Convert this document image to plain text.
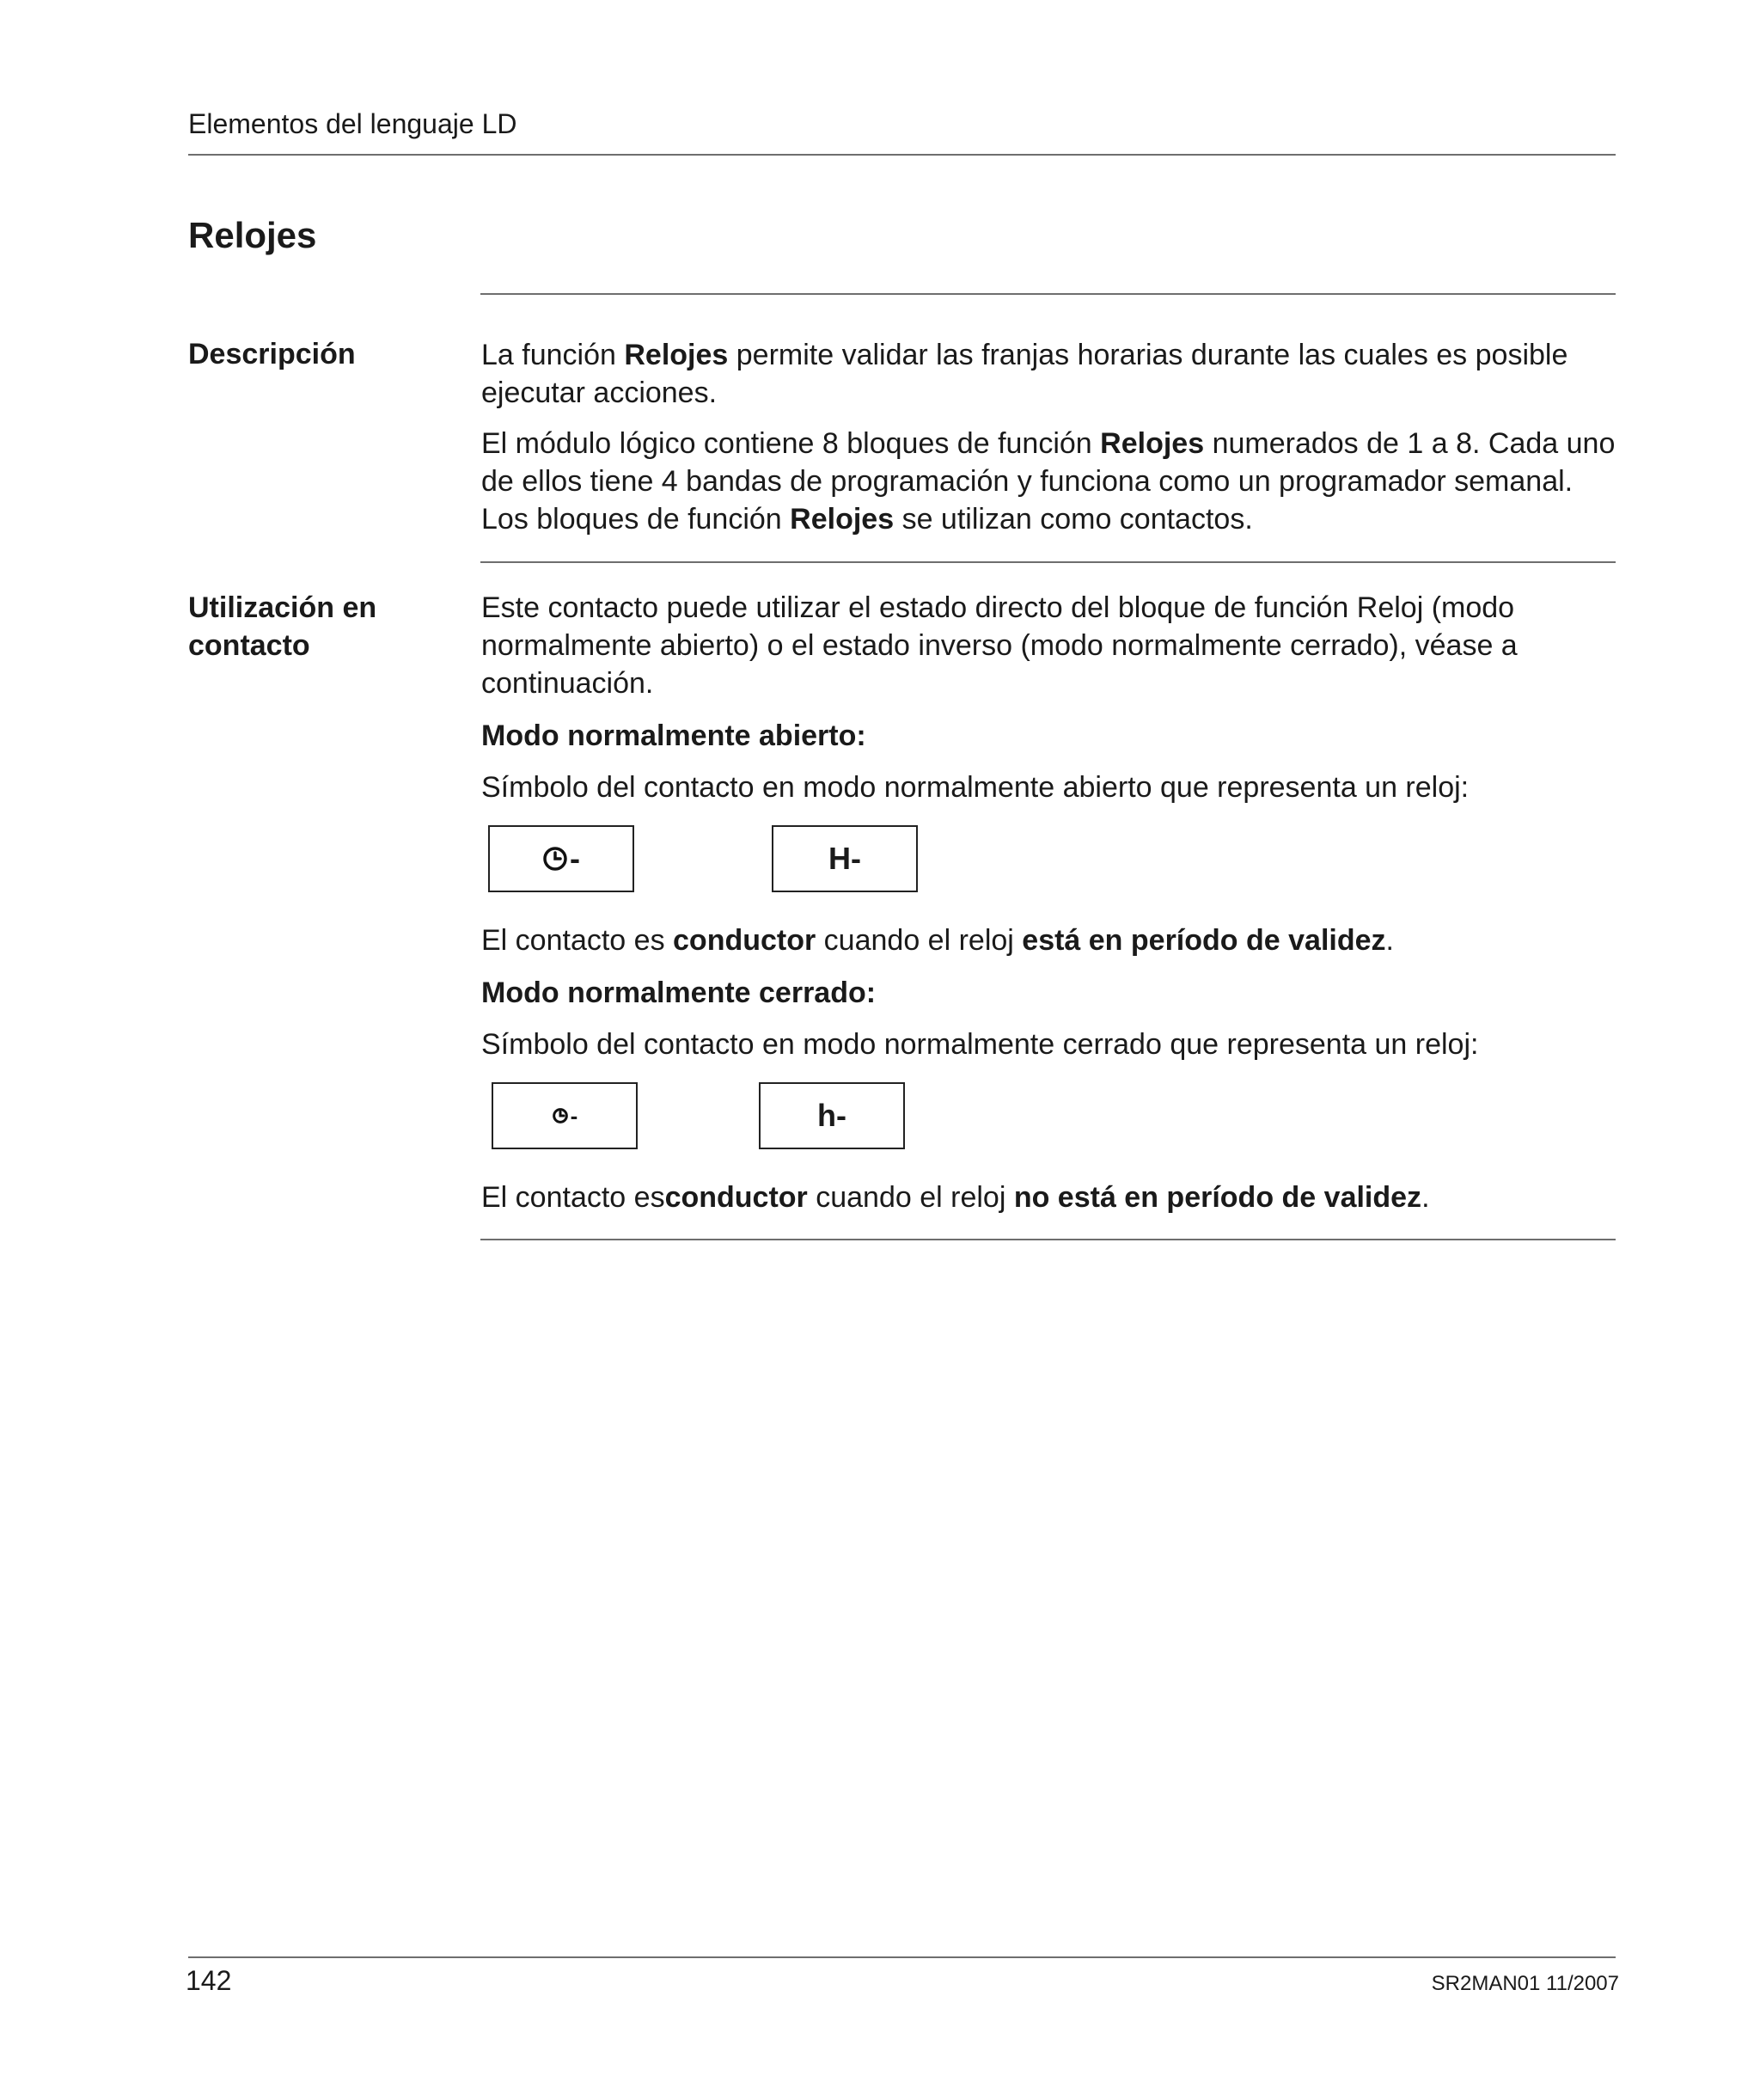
Elementos del lenguaje LD
Relojes
Descripción	La función Relojes permite validar las franjas horarias durante las cuales es posible ejecutar acciones.

El módulo lógico contiene 8 bloques de función Relojes numerados de 1 a 8. Cada uno de ellos tiene 4 bandas de programación y funciona como un programador semanal. Los bloques de función Relojes se utilizan como contactos.

Utilización en
contacto

Este contacto puede utilizar el estado directo del bloque de función Reloj (modo normalmente abierto) o el estado inverso (modo normalmente cerrado), véase a continuación.

Modo normalmente abierto:

Símbolo del contacto en modo normalmente abierto que representa un reloj:

-	H-

El contacto es conductor cuando el reloj está en período de validez.

Modo normalmente cerrado:

Símbolo del contacto en modo normalmente cerrado que representa un reloj:

-	h-

El contacto esconductor cuando el reloj no está en período de validez.

142	SR2MAN01 11/2007
